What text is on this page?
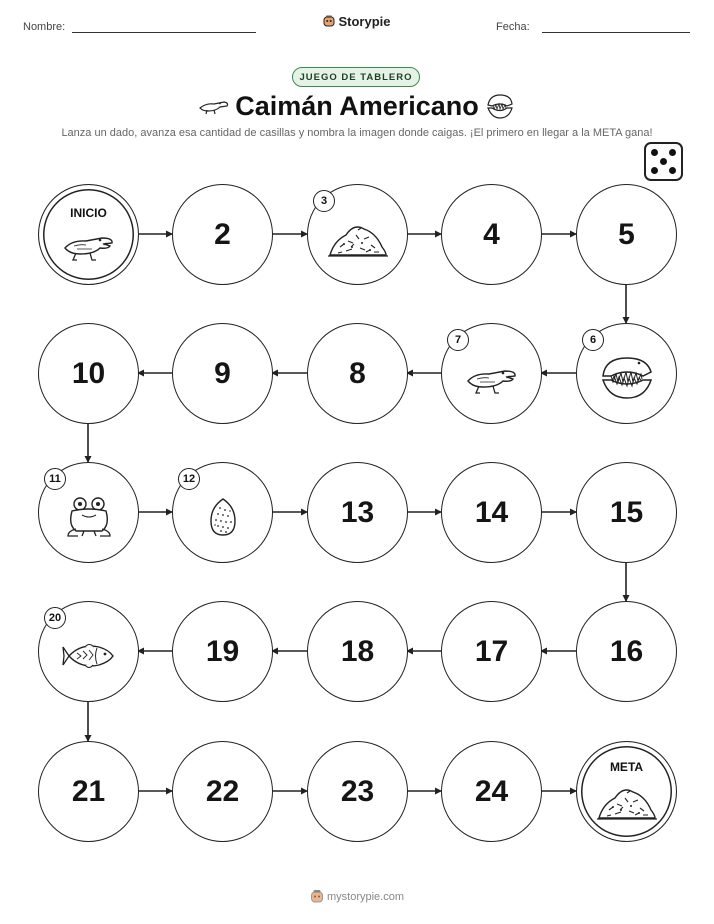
Nombre:	Storypie	Fecha:
JUEGO DE TABLERO
Caimán Americano
Lanza un dado, avanza esa cantidad de casillas y nombra la imagen donde caigas. ¡El primero en llegar a la META gana!
INICIO
2
3
4	5
6
7
8
9
10
11	12
13	14	15
16
17
18
19
20
21	22	23	24
META
mystorypie.com
